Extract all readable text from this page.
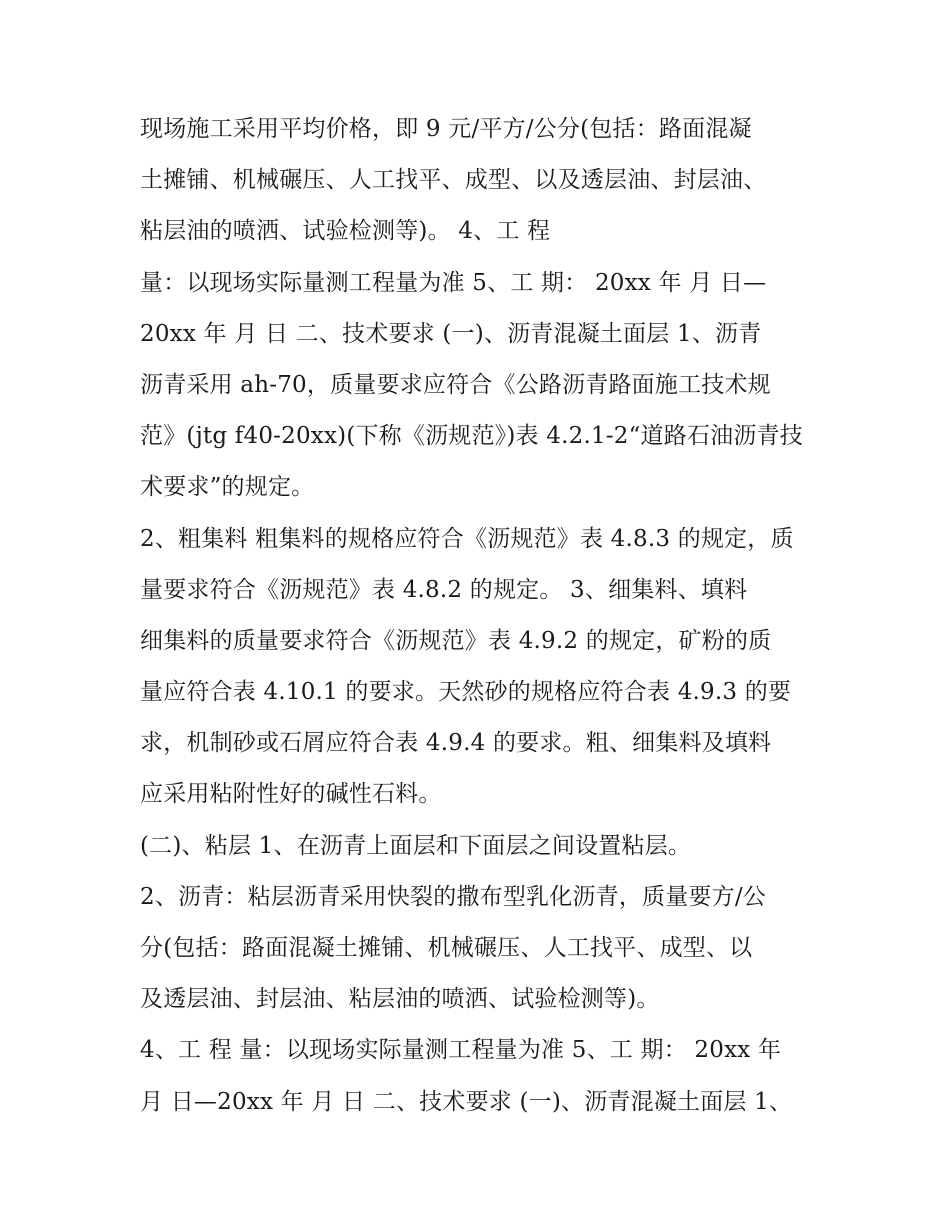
现场施工采用平均价格，即 9 元/平方/公分(包括：路面混凝
土摊铺、机械碾压、人工找平、成型、以及透层油、封层油、
粘层油的喷洒、试验检测等)。 4、工 程
量：以现场实际量测工程量为准 5、工 期： 20xx 年 月 日—
20xx 年 月 日 二、技术要求 (一)、沥青混凝土面层 1、沥青
沥青采用 ah-70，质量要求应符合《公路沥青路面施工技术规
范》(jtg f40-20xx)(下称《沥规范》)表 4.2.1-2“道路石油沥青技
术要求”的规定。
2、粗集料 粗集料的规格应符合《沥规范》表 4.8.3 的规定，质
量要求符合《沥规范》表 4.8.2 的规定。 3、细集料、填料
细集料的质量要求符合《沥规范》表 4.9.2 的规定，矿粉的质
量应符合表 4.10.1 的要求。天然砂的规格应符合表 4.9.3 的要
求，机制砂或石屑应符合表 4.9.4 的要求。粗、细集料及填料
应采用粘附性好的碱性石料。
(二)、粘层 1、在沥青上面层和下面层之间设置粘层。
2、沥青：粘层沥青采用快裂的撒布型乳化沥青，质量要方/公
分(包括：路面混凝土摊铺、机械碾压、人工找平、成型、以
及透层油、封层油、粘层油的喷洒、试验检测等)。
4、工 程 量：以现场实际量测工程量为准 5、工 期： 20xx 年
月 日—20xx 年 月 日 二、技术要求 (一)、沥青混凝土面层 1、
